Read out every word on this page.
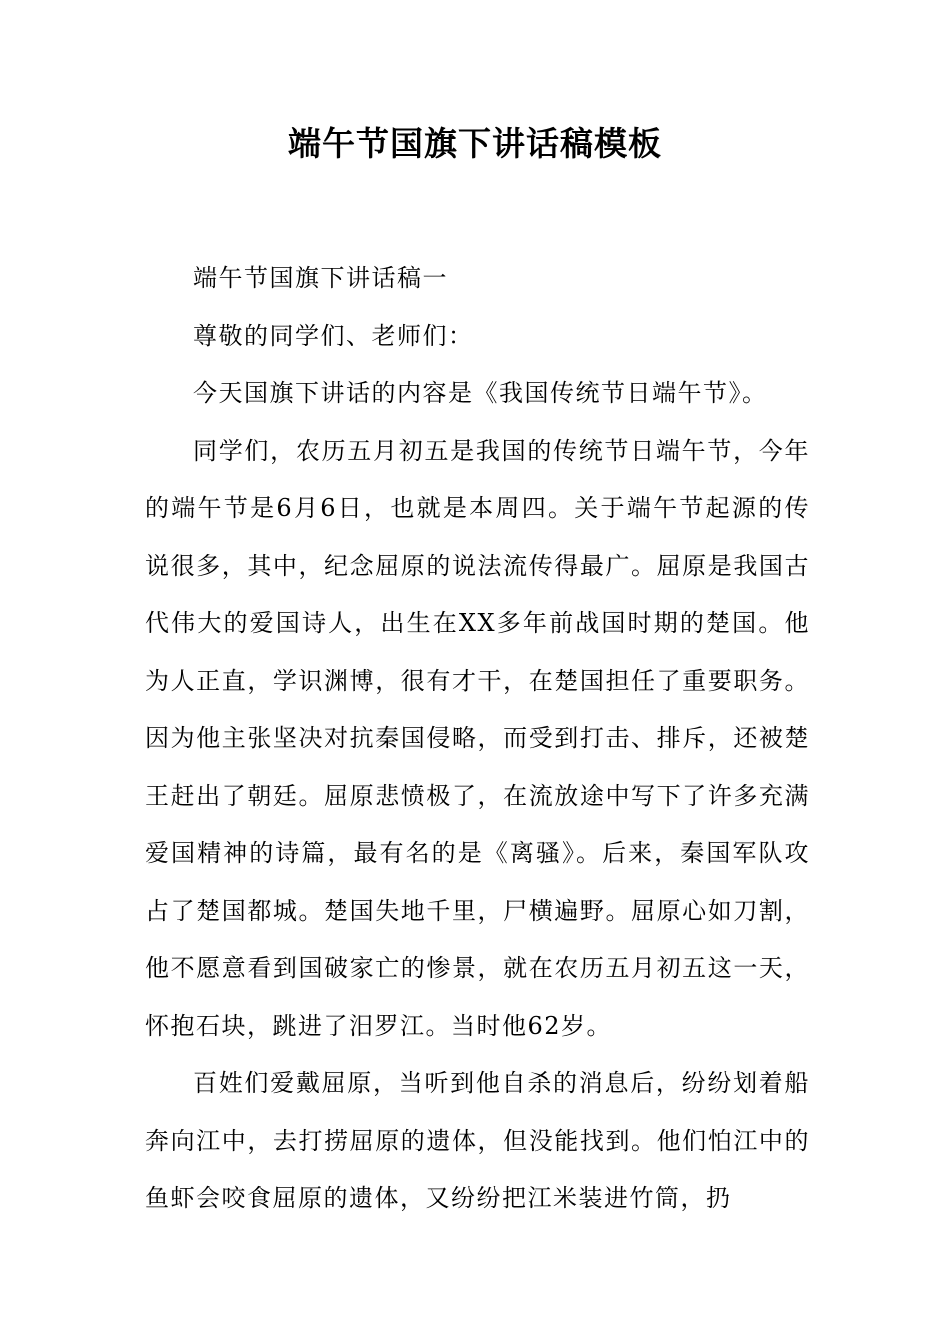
端午节国旗下讲话稿模板

端午节国旗下讲话稿一

尊敬的同学们、老师们：

今天国旗下讲话的内容是《我国传统节日端午节》。

同学们，农历五月初五是我国的传统节日端午节，今年的端午节是6月6日，也就是本周四。关于端午节起源的传说很多，其中，纪念屈原的说法流传得最广。屈原是我国古代伟大的爱国诗人，出生在XX多年前战国时期的楚国。他为人正直，学识渊博，很有才干，在楚国担任了重要职务。因为他主张坚决对抗秦国侵略，而受到打击、排斥，还被楚王赶出了朝廷。屈原悲愤极了，在流放途中写下了许多充满爱国精神的诗篇，最有名的是《离骚》。后来，秦国军队攻占了楚国都城。楚国失地千里，尸横遍野。屈原心如刀割，他不愿意看到国破家亡的惨景，就在农历五月初五这一天，怀抱石块，跳进了汨罗江。当时他62岁。

百姓们爱戴屈原，当听到他自杀的消息后，纷纷划着船奔向江中，去打捞屈原的遗体，但没能找到。他们怕江中的鱼虾会咬食屈原的遗体，又纷纷把江米装进竹筒，扔
